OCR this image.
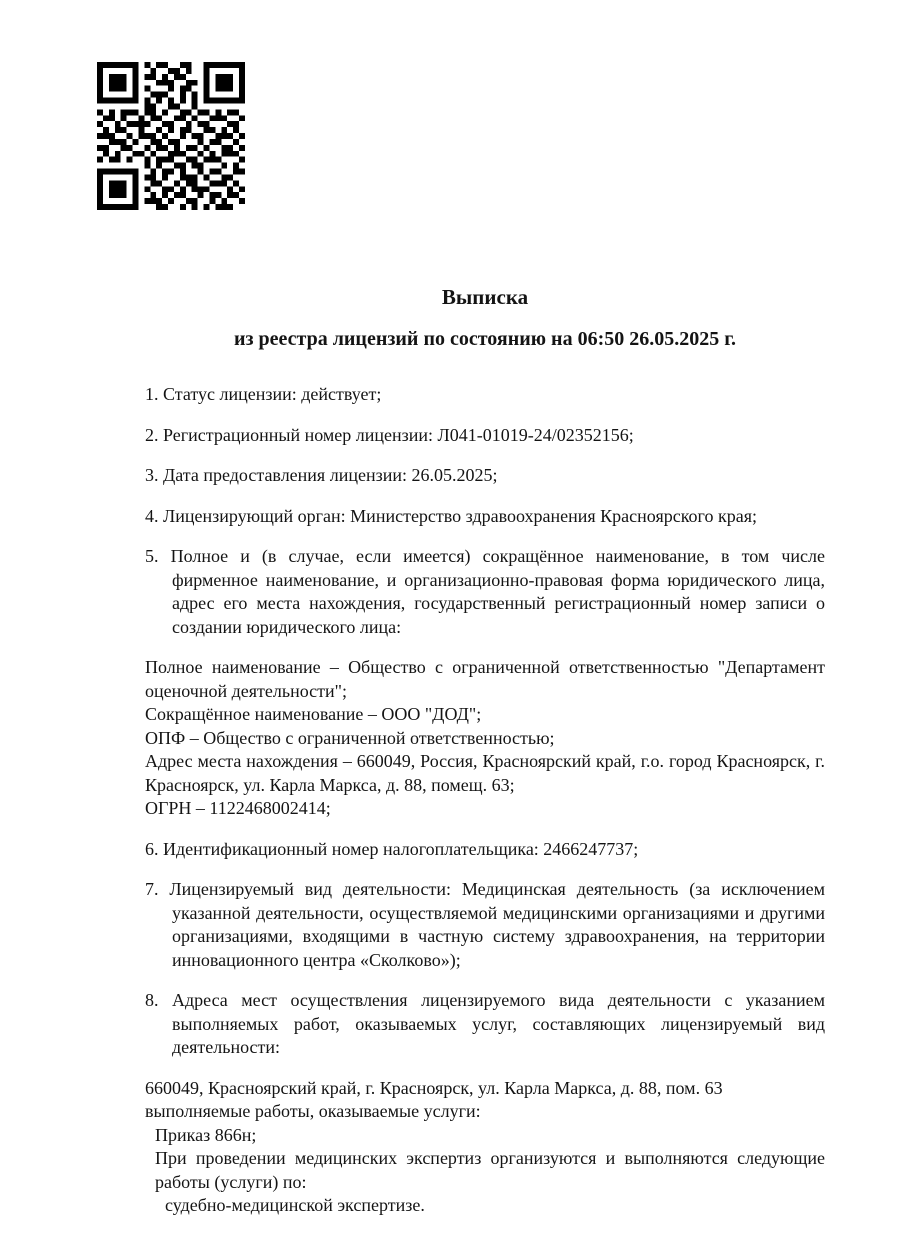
Выписка
из реестра лицензий по состоянию на 06:50 26.05.2025 г.

1. Статус лицензии: действует;

2. Регистрационный номер лицензии: Л041-01019-24/02352156;

3. Дата предоставления лицензии: 26.05.2025;

4. Лицензирующий орган: Министерство здравоохранения Красноярского края;

5. Полное и (в случае, если имеется) сокращённое наименование, в том числе фирменное наименование, и организационно-правовая форма юридического лица, адрес его места нахождения, государственный регистрационный номер записи о создании юридического лица:

Полное наименование – Общество с ограниченной ответственностью "Департамент оценочной деятельности";
Сокращённое наименование – ООО "ДОД";
ОПФ – Общество с ограниченной ответственностью;
Адрес места нахождения – 660049, Россия, Красноярский край, г.о. город Красноярск, г. Красноярск, ул. Карла Маркса, д. 88, помещ. 63;
ОГРН – 1122468002414;

6. Идентификационный номер налогоплательщика: 2466247737;

7. Лицензируемый вид деятельности: Медицинская деятельность (за исключением указанной деятельности, осуществляемой медицинскими организациями и другими организациями, входящими в частную систему здравоохранения, на территории инновационного центра «Сколково»);

8. Адреса мест осуществления лицензируемого вида деятельности с указанием выполняемых работ, оказываемых услуг, составляющих лицензируемый вид деятельности:

660049, Красноярский край, г. Красноярск, ул. Карла Маркса, д. 88, пом. 63
выполняемые работы, оказываемые услуги:
Приказ 866н;
При проведении медицинских экспертиз организуются и выполняются следующие работы (услуги) по:
судебно-медицинской экспертизе.
